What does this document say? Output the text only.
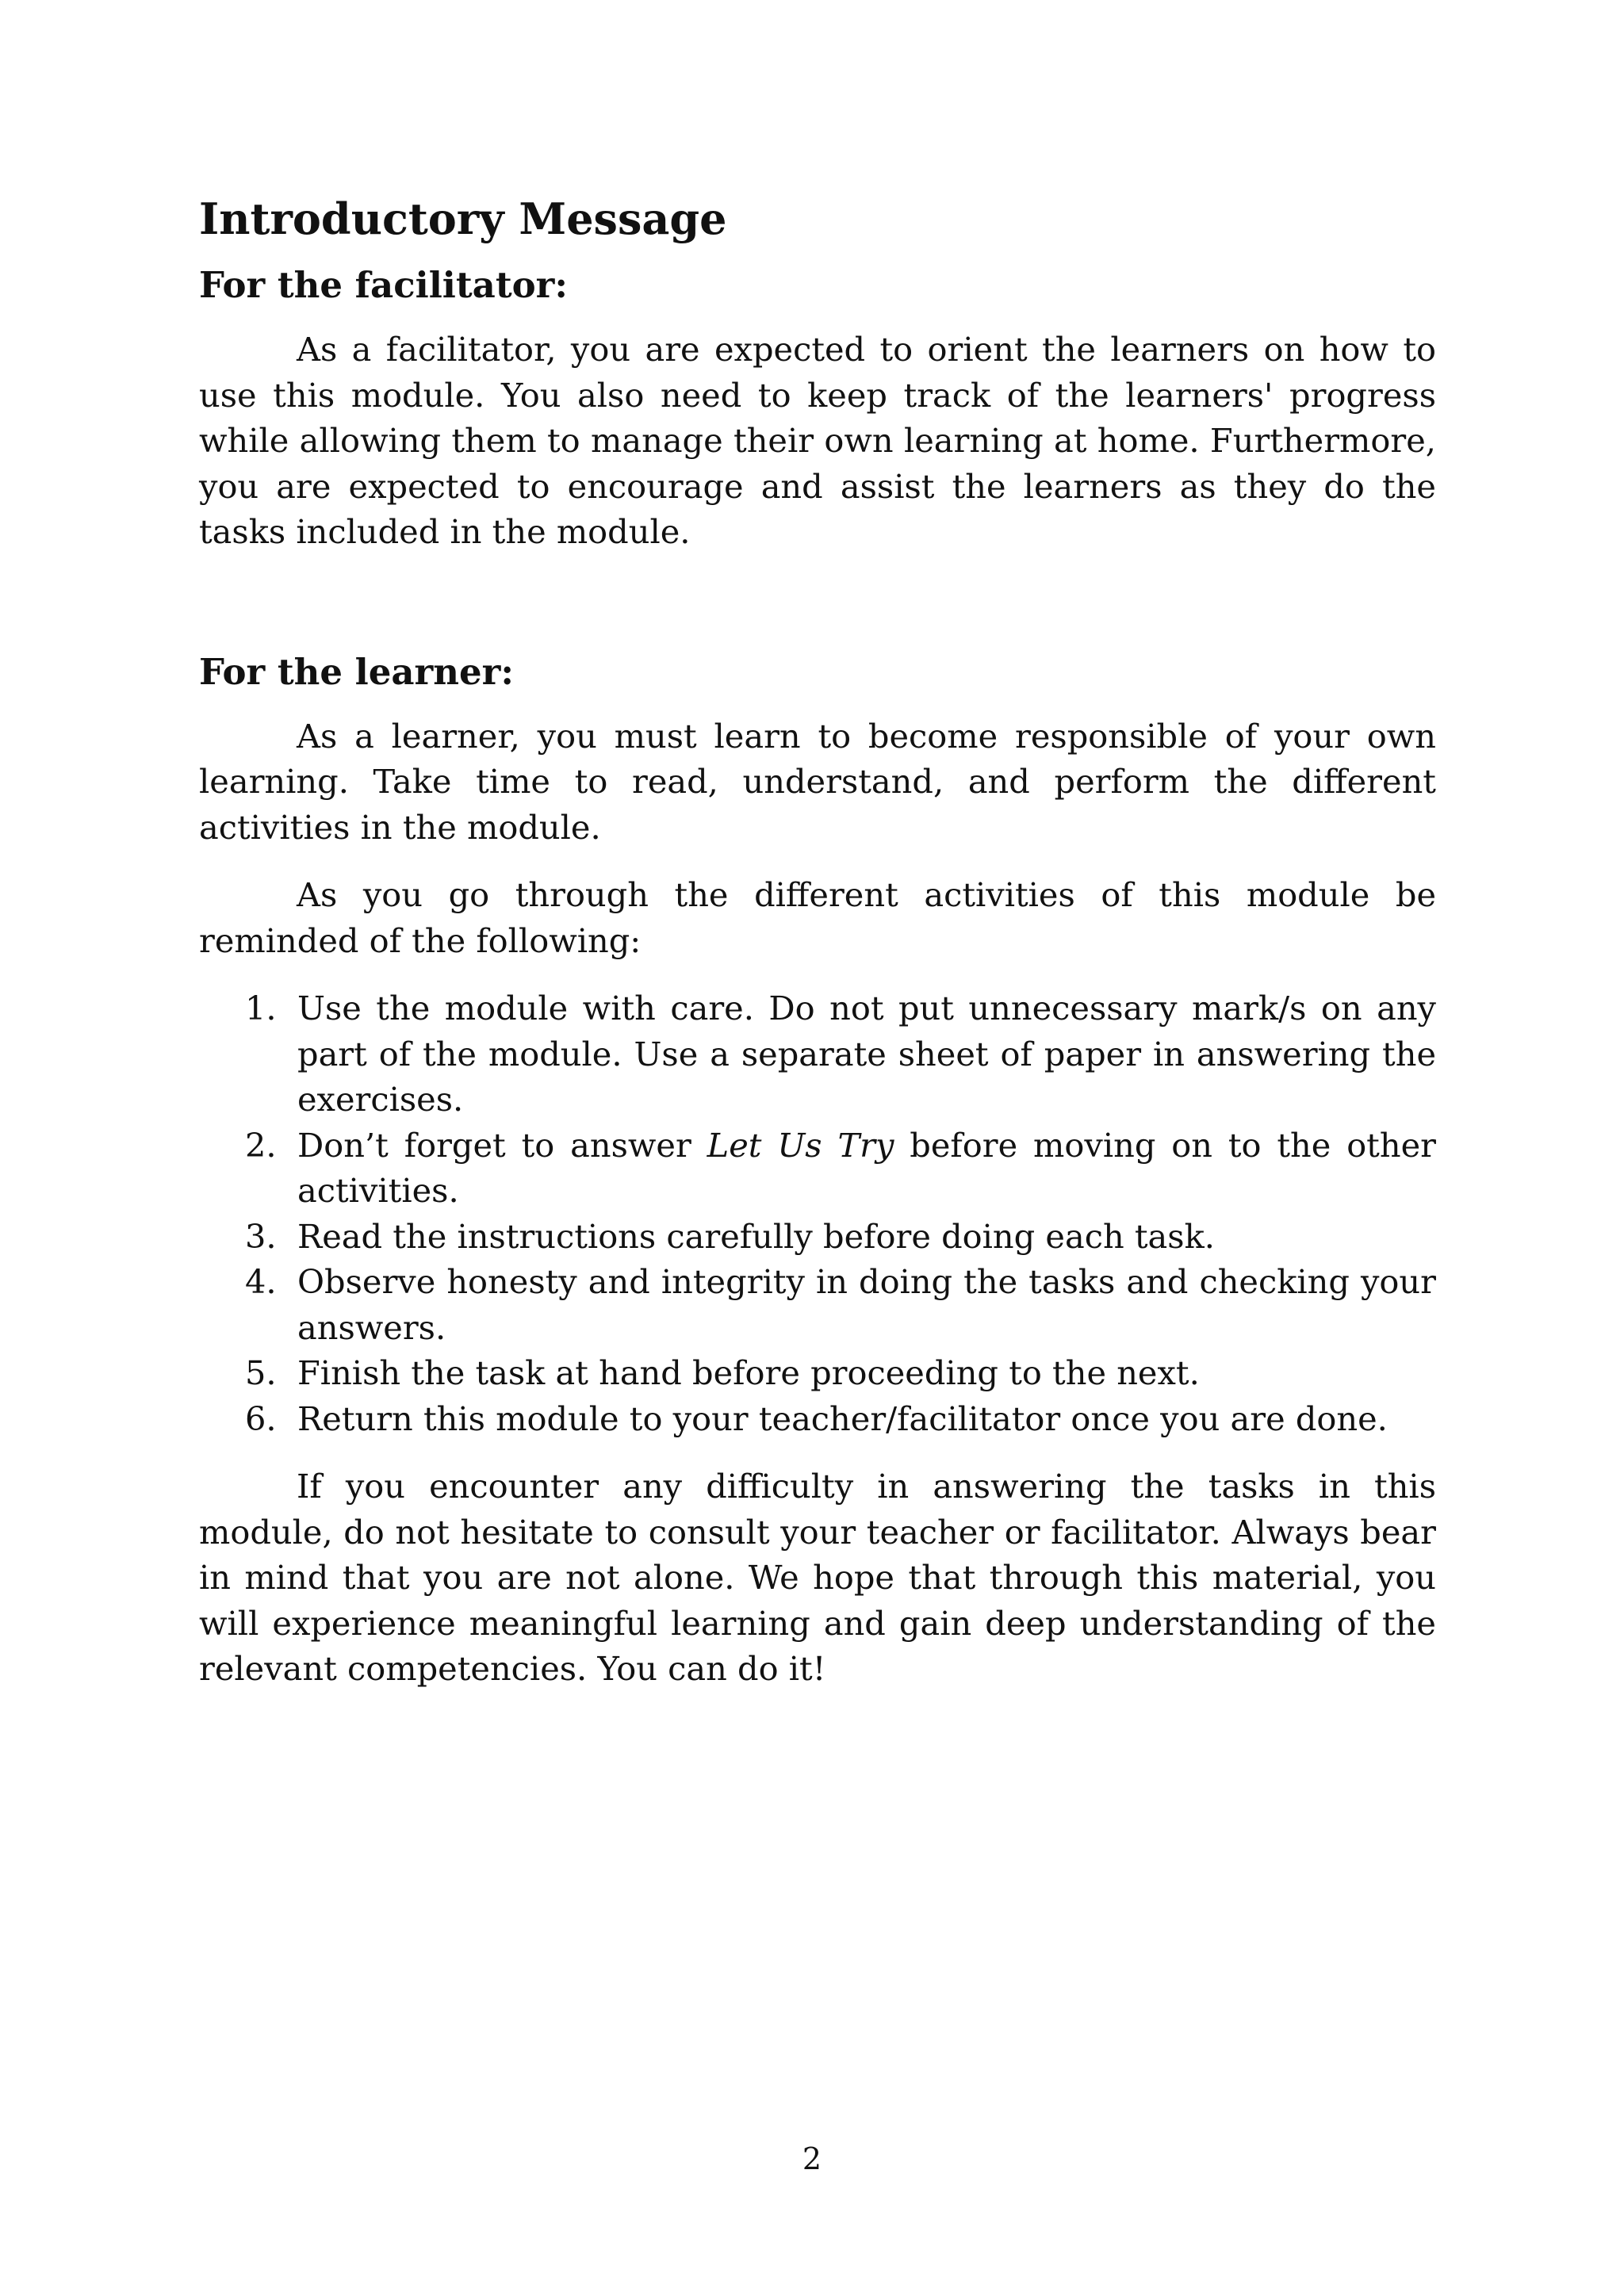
Introductory Message
For the facilitator:

As a facilitator, you are expected to orient the learners on how to use this module. You also need to keep track of the learners' progress while allowing them to manage their own learning at home. Furthermore, you are expected to encourage and assist the learners as they do the tasks included in the module.

For the learner:

As a learner, you must learn to become responsible of your own learning. Take time to read, understand, and perform the different activities in the module.

As you go through the different activities of this module be reminded of the following:

1. Use the module with care. Do not put unnecessary mark/s on any part of the module. Use a separate sheet of paper in answering the exercises.
2. Don’t forget to answer Let Us Try before moving on to the other activities.
3. Read the instructions carefully before doing each task.
4. Observe honesty and integrity in doing the tasks and checking your answers.
5. Finish the task at hand before proceeding to the next.
6. Return this module to your teacher/facilitator once you are done.

If you encounter any difficulty in answering the tasks in this module, do not hesitate to consult your teacher or facilitator. Always bear in mind that you are not alone. We hope that through this material, you will experience meaningful learning and gain deep understanding of the relevant competencies. You can do it!

2
